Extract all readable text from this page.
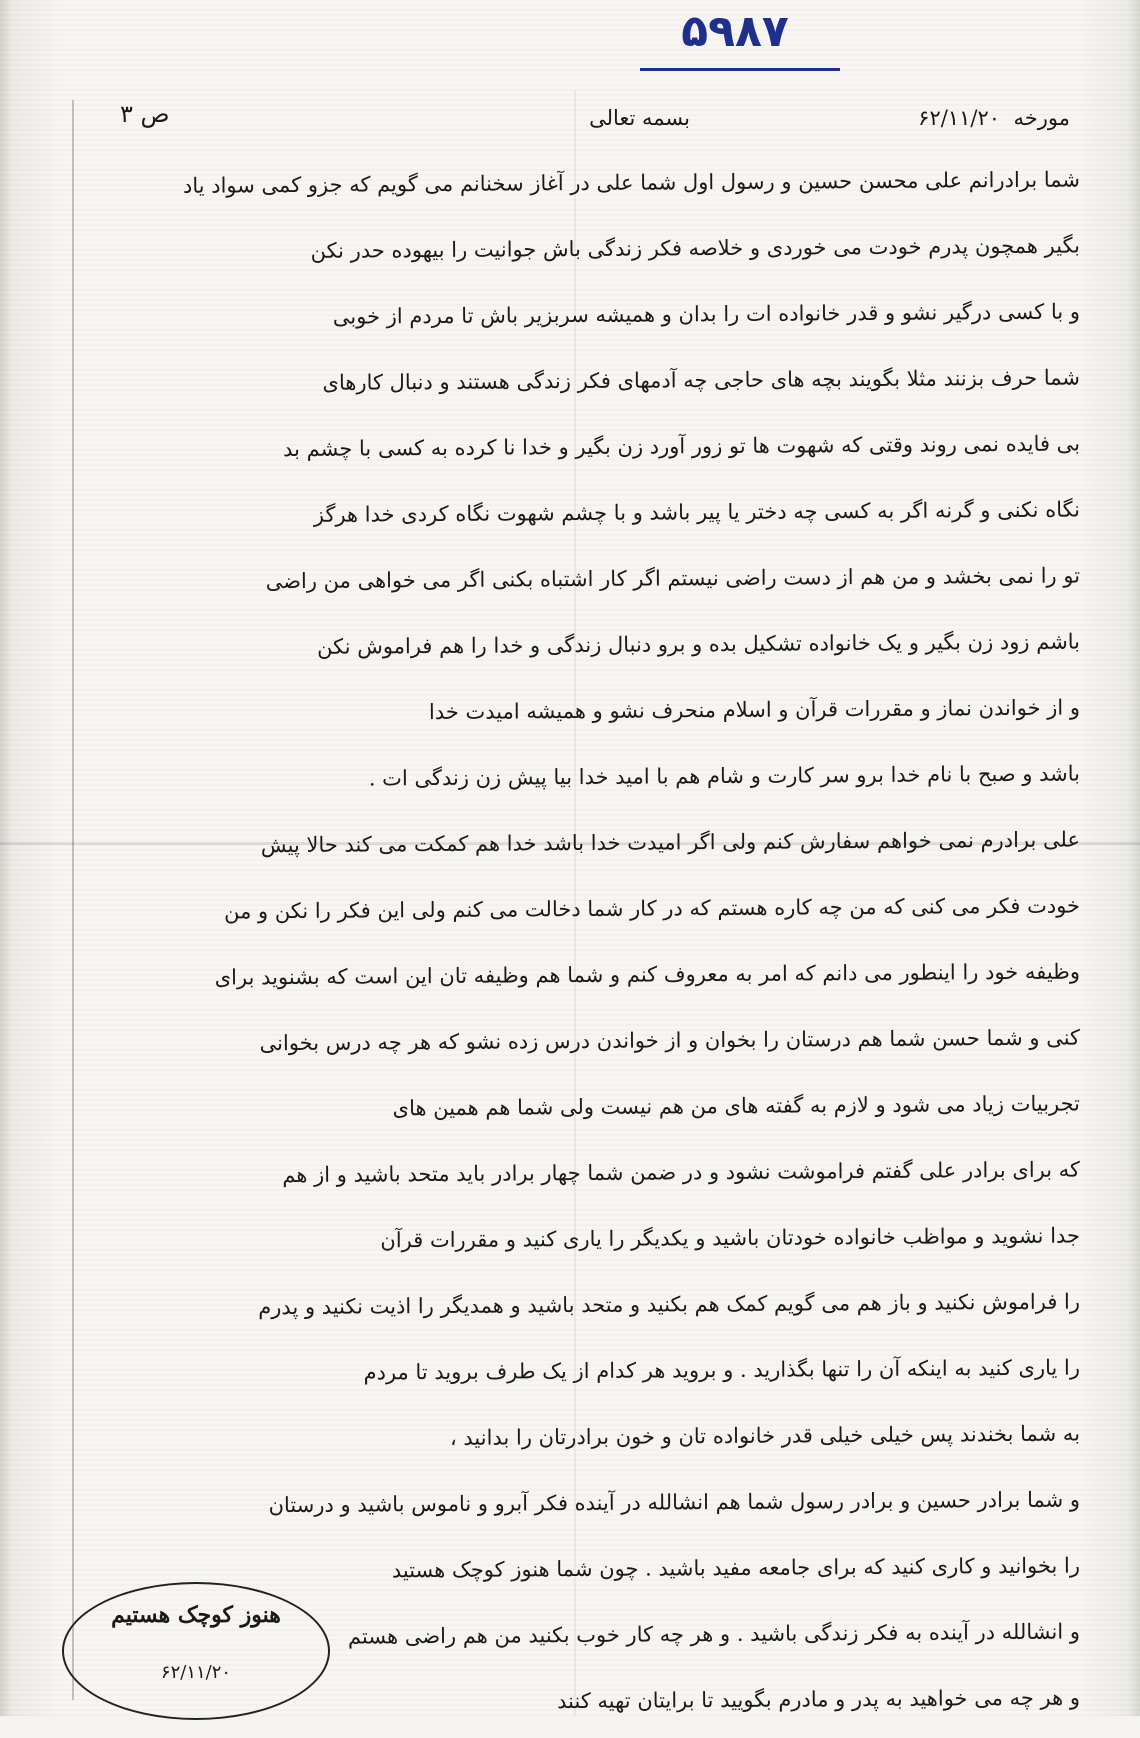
۵۹۸۷
مورخه
۶۲/۱۱/۲۰
بسمه تعالی
ص ۳
شما برادرانم علی محسن حسین و رسول اول شما علی در آغاز سخنانم می گویم که جزو کمی سواد یاد
بگیر همچون پدرم خودت می خوردی و خلاصه فکر زندگی باش جوانیت را بیهوده حدر نکن
و با کسی درگیر نشو و قدر خانواده ات را بدان و همیشه سربزیر باش تا مردم از خوبی
شما حرف بزنند مثلا بگویند بچه های حاجی چه آدمهای فکر زندگی هستند و دنبال کارهای
بی فایده نمی روند وقتی که شهوت ها تو زور آورد زن بگیر و خدا نا کرده به کسی با چشم بد
نگاه نکنی و گرنه اگر به کسی چه دختر یا پیر باشد و با چشم شهوت نگاه کردی خدا هرگز
تو را نمی بخشد و من هم از دست راضی نیستم اگر کار اشتباه بکنی اگر می خواهی من راضی
باشم زود زن بگیر و یک خانواده تشکیل بده و برو دنبال زندگی و خدا را هم فراموش نکن
و از خواندن نماز و مقررات قرآن و اسلام منحرف نشو و همیشه امیدت خدا
باشد و صبح با نام خدا برو سر کارت و شام هم با امید خدا بیا پیش زن زندگی ات .
علی برادرم نمی خواهم سفارش کنم ولی اگر امیدت خدا باشد خدا هم کمکت می کند حالا پیش
خودت فکر می کنی که من چه کاره هستم که در کار شما دخالت می کنم ولی این فکر را نکن و من
وظیفه خود را اینطور می دانم که امر به معروف کنم و شما هم وظیفه تان این است که بشنوید برای
کنی و شما حسن شما هم درستان را بخوان و از خواندن درس زده نشو که هر چه درس بخوانی
تجربیات زیاد می شود و لازم به گفته های من هم نیست ولی شما هم همین های
که برای برادر علی گفتم فراموشت نشود و در ضمن شما چهار برادر باید متحد باشید و از هم
جدا نشوید و مواظب خانواده خودتان باشید و یکدیگر را یاری کنید و مقررات قرآن
را فراموش نکنید و باز هم می گویم کمک هم بکنید و متحد باشید و همدیگر را اذیت نکنید و پدرم
را یاری کنید به اینکه آن را تنها بگذارید . و بروید هر کدام از یک طرف بروید تا مردم
به شما بخندند پس خیلی خیلی قدر خانواده تان و خون برادرتان را بدانید ،
و شما برادر حسین و برادر رسول شما هم انشالله در آینده فکر آبرو و ناموس باشید و درستان
را بخوانید و کاری کنید که برای جامعه مفید باشید . چون شما هنوز کوچک هستید
و انشالله در آینده به فکر زندگی باشید . و هر چه کار خوب بکنید من هم راضی هستم
و هر چه می خواهید به پدر و مادرم بگویید تا برایتان تهیه کنند
هنوز کوچک هستیم
۶۲/۱۱/۲۰
